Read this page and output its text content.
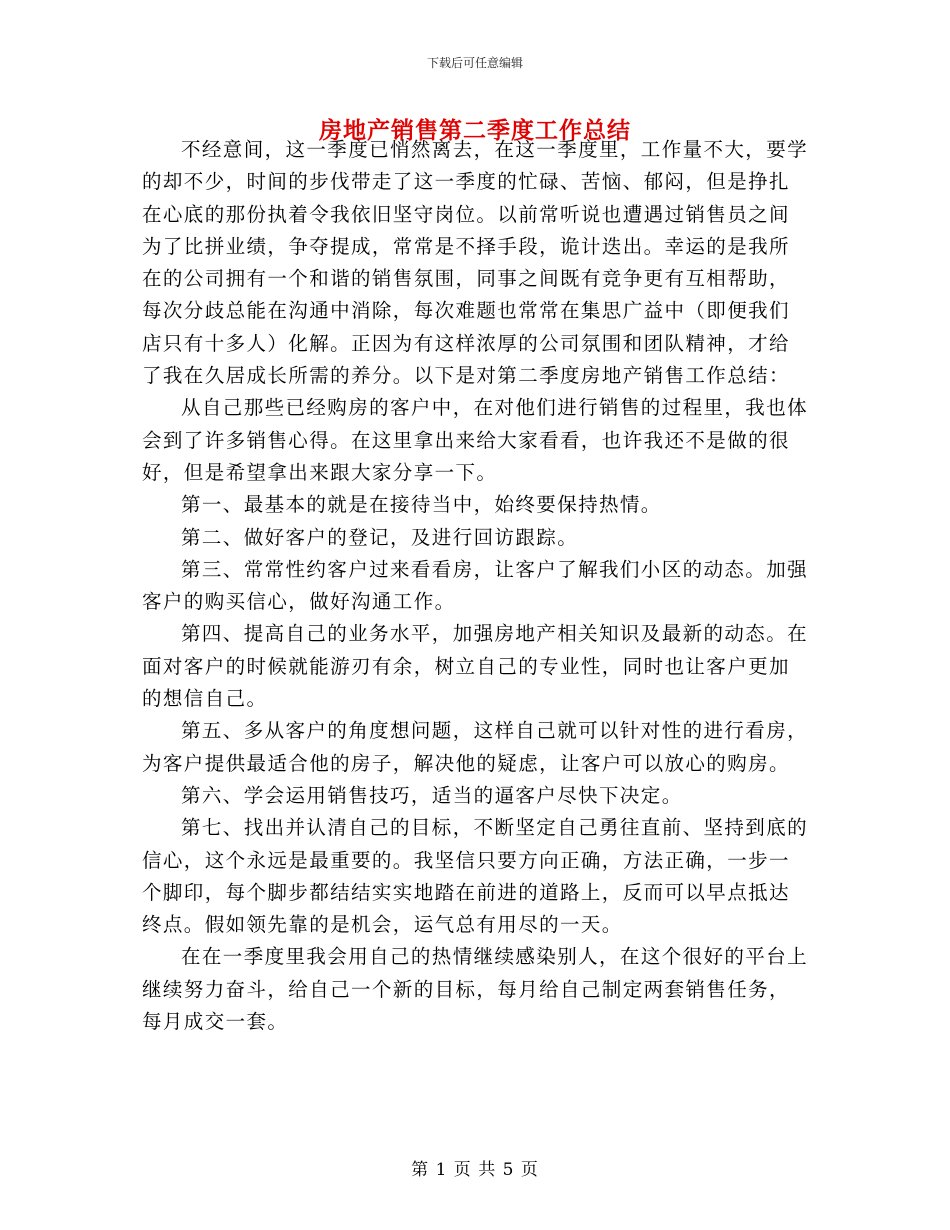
下载后可任意编辑
房地产销售第二季度工作总结

不经意间，这一季度已悄然离去，在这一季度里，工作量不大，要学的却不少，时间的步伐带走了这一季度的忙碌、苦恼、郁闷，但是挣扎在心底的那份执着令我依旧坚守岗位。以前常听说也遭遇过销售员之间为了比拼业绩，争夺提成，常常是不择手段，诡计迭出。幸运的是我所在的公司拥有一个和谐的销售氛围，同事之间既有竞争更有互相帮助，每次分歧总能在沟通中消除，每次难题也常常在集思广益中（即便我们店只有十多人）化解。正因为有这样浓厚的公司氛围和团队精神，才给了我在久居成长所需的养分。以下是对第二季度房地产销售工作总结：

从自己那些已经购房的客户中，在对他们进行销售的过程里，我也体会到了许多销售心得。在这里拿出来给大家看看，也许我还不是做的很好，但是希望拿出来跟大家分享一下。

第一、最基本的就是在接待当中，始终要保持热情。

第二、做好客户的登记，及进行回访跟踪。

第三、常常性约客户过来看看房，让客户了解我们小区的动态。加强客户的购买信心，做好沟通工作。

第四、提高自己的业务水平，加强房地产相关知识及最新的动态。在面对客户的时候就能游刃有余，树立自己的专业性，同时也让客户更加的想信自己。

第五、多从客户的角度想问题，这样自己就可以针对性的进行看房，为客户提供最适合他的房子，解决他的疑虑，让客户可以放心的购房。

第六、学会运用销售技巧，适当的逼客户尽快下决定。

第七、找出并认清自己的目标，不断坚定自己勇往直前、坚持到底的信心，这个永远是最重要的。我坚信只要方向正确，方法正确，一步一个脚印，每个脚步都结结实实地踏在前进的道路上，反而可以早点抵达终点。假如领先靠的是机会，运气总有用尽的一天。

在在一季度里我会用自己的热情继续感染别人，在这个很好的平台上继续努力奋斗，给自己一个新的目标，每月给自己制定两套销售任务，每月成交一套。

第 1 页 共 5 页
